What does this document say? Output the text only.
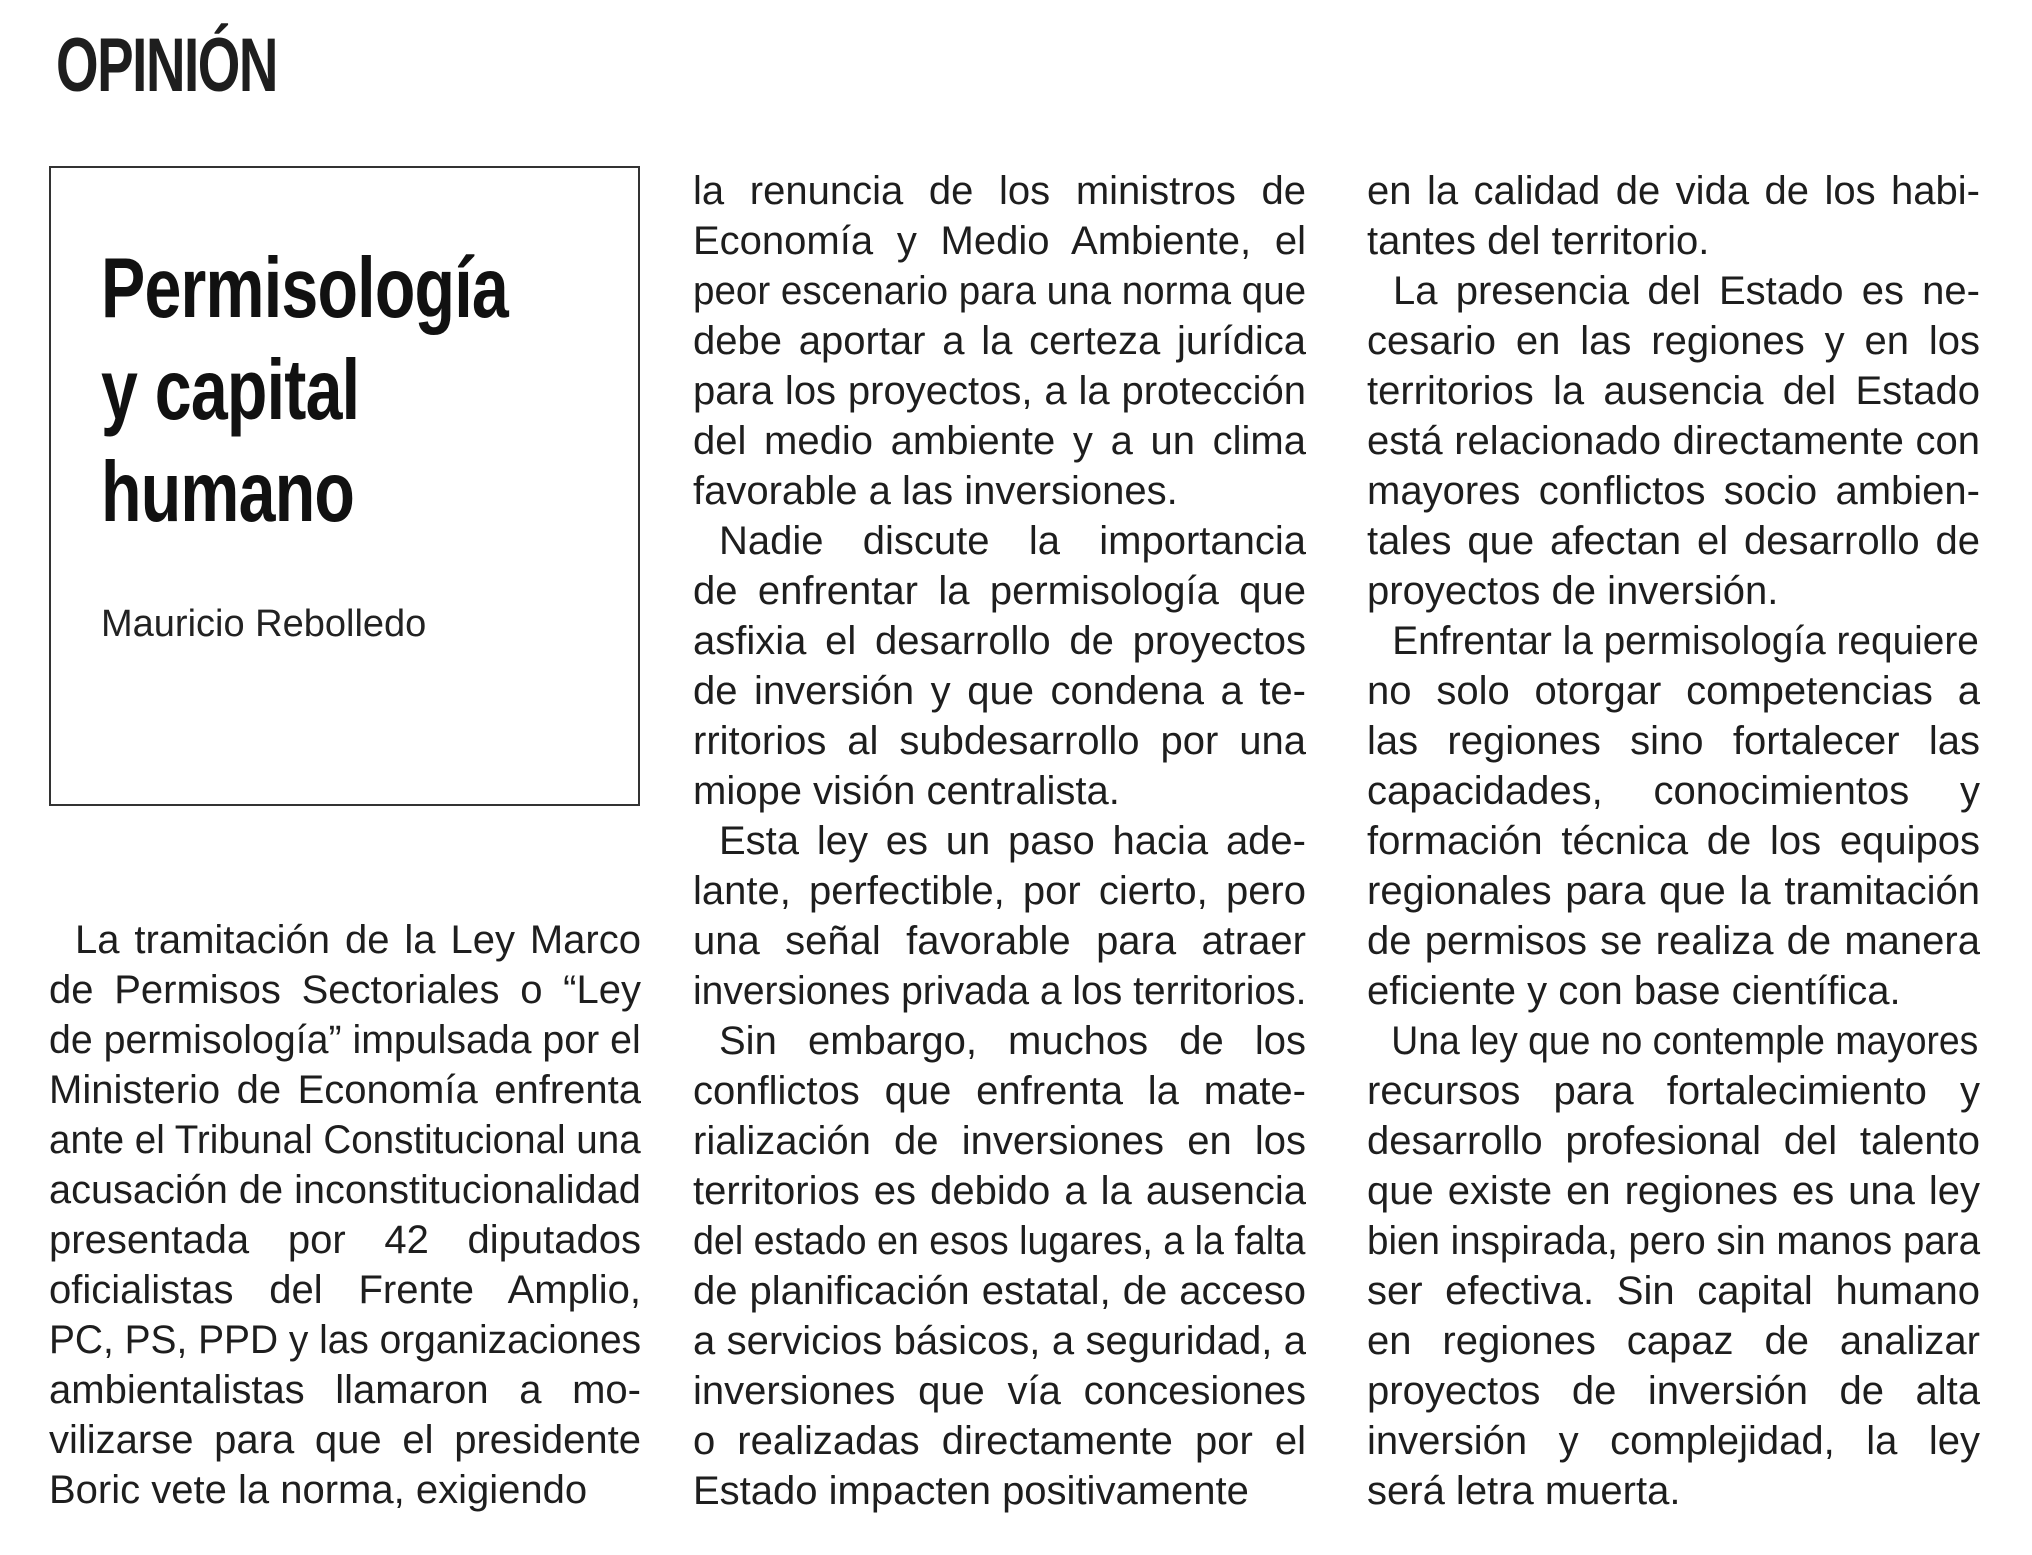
OPINIÓN
Permisología
y capital
humano
Mauricio Rebolledo

La tramitación de la Ley Marco
de Permisos Sectoriales o “Ley
de permisología” impulsada por el
Ministerio de Economía enfrenta
ante el Tribunal Constitucional una
acusación de inconstitucionalidad
presentada por 42 diputados
oficialistas del Frente Amplio,
PC, PS, PPD y las organizaciones
ambientalistas llamaron a mo-
vilizarse para que el presidente
Boric vete la norma, exigiendo

la renuncia de los ministros de
Economía y Medio Ambiente, el
peor escenario para una norma que
debe aportar a la certeza jurídica
para los proyectos, a la protección
del medio ambiente y a un clima
favorable a las inversiones.

Nadie discute la importancia
de enfrentar la permisología que
asfixia el desarrollo de proyectos
de inversión y que condena a te-
rritorios al subdesarrollo por una
miope visión centralista.

Esta ley es un paso hacia ade-
lante, perfectible, por cierto, pero
una señal favorable para atraer
inversiones privada a los territorios.

Sin embargo, muchos de los
conflictos que enfrenta la mate-
rialización de inversiones en los
territorios es debido a la ausencia
del estado en esos lugares, a la falta
de planificación estatal, de acceso
a servicios básicos, a seguridad, a
inversiones que vía concesiones
o realizadas directamente por el
Estado impacten positivamente

en la calidad de vida de los habi-
tantes del territorio.

La presencia del Estado es ne-
cesario en las regiones y en los
territorios la ausencia del Estado
está relacionado directamente con
mayores conflictos socio ambien-
tales que afectan el desarrollo de
proyectos de inversión.

Enfrentar la permisología requiere
no solo otorgar competencias a
las regiones sino fortalecer las
capacidades, conocimientos y
formación técnica de los equipos
regionales para que la tramitación
de permisos se realiza de manera
eficiente y con base científica.

Una ley que no contemple mayores
recursos para fortalecimiento y
desarrollo profesional del talento
que existe en regiones es una ley
bien inspirada, pero sin manos para
ser efectiva. Sin capital humano
en regiones capaz de analizar
proyectos de inversión de alta
inversión y complejidad, la ley
será letra muerta.
